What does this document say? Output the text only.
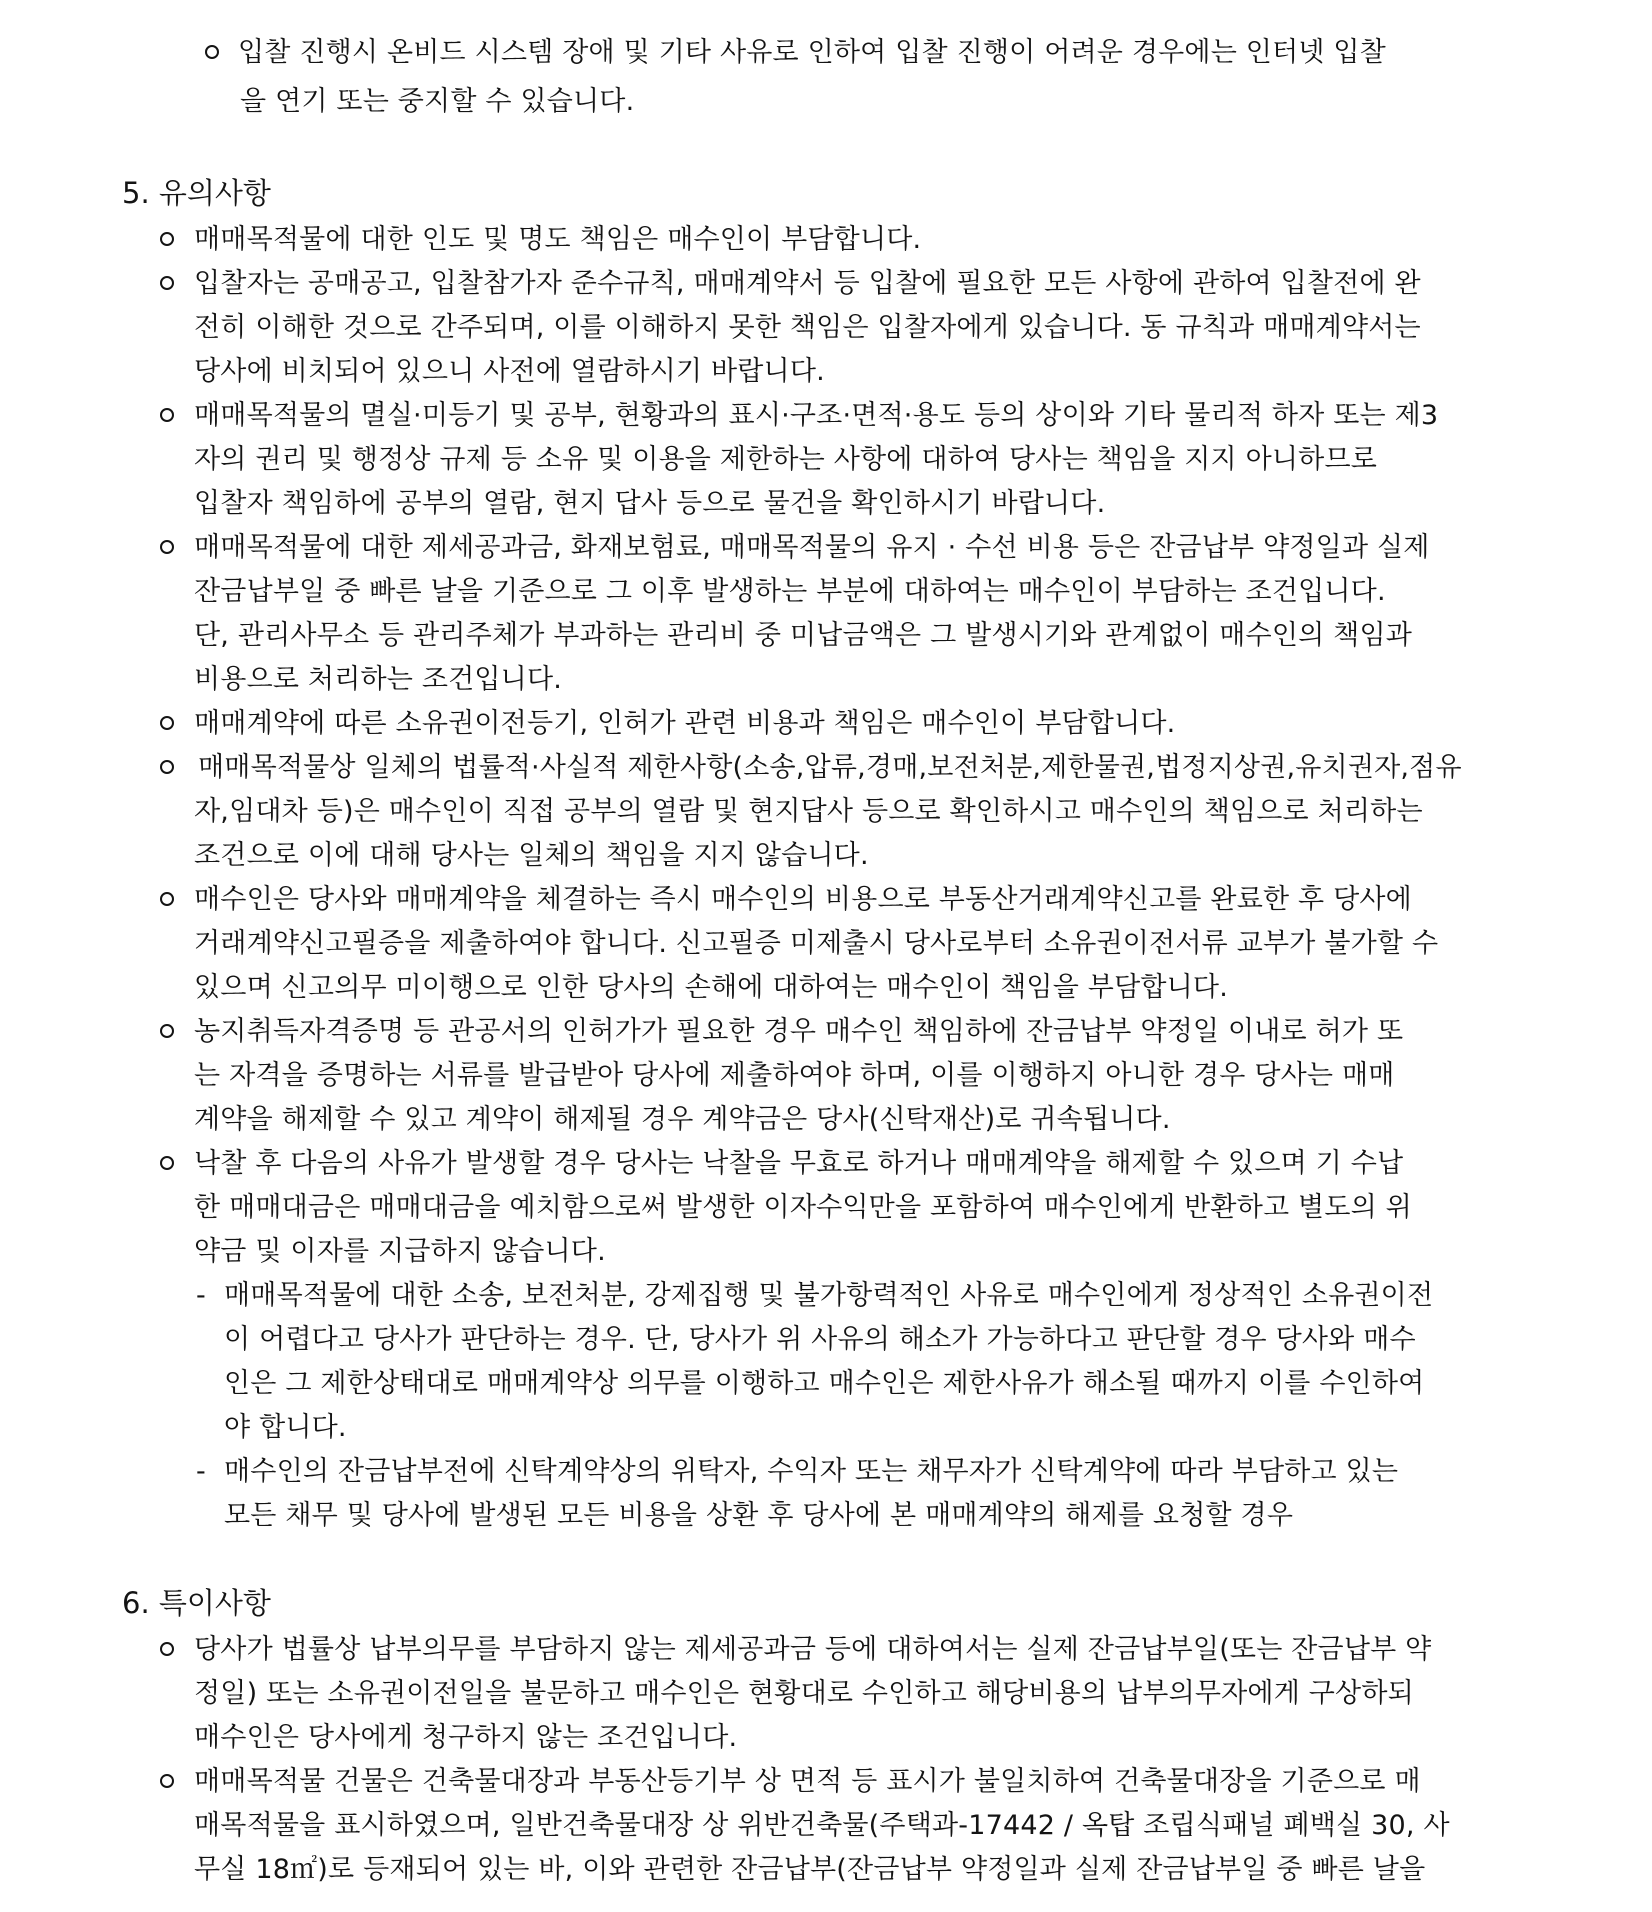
입찰 진행시 온비드 시스템 장애 및 기타 사유로 인하여 입찰 진행이 어려운 경우에는 인터넷 입찰
을 연기 또는 중지할 수 있습니다.
5. 유의사항
매매목적물에 대한 인도 및 명도 책임은 매수인이 부담합니다.
입찰자는 공매공고, 입찰참가자 준수규칙, 매매계약서 등 입찰에 필요한 모든 사항에 관하여 입찰전에 완
전히 이해한 것으로 간주되며, 이를 이해하지 못한 책임은 입찰자에게 있습니다. 동 규칙과 매매계약서는
당사에 비치되어 있으니 사전에 열람하시기 바랍니다.
매매목적물의 멸실·미등기 및 공부, 현황과의 표시·구조·면적·용도 등의 상이와 기타 물리적 하자 또는 제3
자의 권리 및 행정상 규제 등 소유 및 이용을 제한하는 사항에 대하여 당사는 책임을 지지 아니하므로
입찰자 책임하에 공부의 열람, 현지 답사 등으로 물건을 확인하시기 바랍니다.
매매목적물에 대한 제세공과금, 화재보험료, 매매목적물의 유지 · 수선 비용 등은 잔금납부 약정일과 실제
잔금납부일 중 빠른 날을 기준으로 그 이후 발생하는 부분에 대하여는 매수인이 부담하는 조건입니다.
단, 관리사무소 등 관리주체가 부과하는 관리비 중 미납금액은 그 발생시기와 관계없이 매수인의 책임과
비용으로 처리하는 조건입니다.
매매계약에 따른 소유권이전등기, 인허가 관련 비용과 책임은 매수인이 부담합니다.
매매목적물상 일체의 법률적·사실적 제한사항(소송,압류,경매,보전처분,제한물권,법정지상권,유치권자,점유
자,임대차 등)은 매수인이 직접 공부의 열람 및 현지답사 등으로 확인하시고 매수인의 책임으로 처리하는
조건으로 이에 대해 당사는 일체의 책임을 지지 않습니다.
매수인은 당사와 매매계약을 체결하는 즉시 매수인의 비용으로 부동산거래계약신고를 완료한 후 당사에
거래계약신고필증을 제출하여야 합니다. 신고필증 미제출시 당사로부터 소유권이전서류 교부가 불가할 수
있으며 신고의무 미이행으로 인한 당사의 손해에 대하여는 매수인이 책임을 부담합니다.
농지취득자격증명 등 관공서의 인허가가 필요한 경우 매수인 책임하에 잔금납부 약정일 이내로 허가 또
는 자격을 증명하는 서류를 발급받아 당사에 제출하여야 하며, 이를 이행하지 아니한 경우 당사는 매매
계약을 해제할 수 있고 계약이 해제될 경우 계약금은 당사(신탁재산)로 귀속됩니다.
낙찰 후 다음의 사유가 발생할 경우 당사는 낙찰을 무효로 하거나 매매계약을 해제할 수 있으며 기 수납
한 매매대금은 매매대금을 예치함으로써 발생한 이자수익만을 포함하여 매수인에게 반환하고 별도의 위
약금 및 이자를 지급하지 않습니다.
- 매매목적물에 대한 소송, 보전처분, 강제집행 및 불가항력적인 사유로 매수인에게 정상적인 소유권이전
이 어렵다고 당사가 판단하는 경우. 단, 당사가 위 사유의 해소가 가능하다고 판단할 경우 당사와 매수
인은 그 제한상태대로 매매계약상 의무를 이행하고 매수인은 제한사유가 해소될 때까지 이를 수인하여
야 합니다.
- 매수인의 잔금납부전에 신탁계약상의 위탁자, 수익자 또는 채무자가 신탁계약에 따라 부담하고 있는
모든 채무 및 당사에 발생된 모든 비용을 상환 후 당사에 본 매매계약의 해제를 요청할 경우
6. 특이사항
당사가 법률상 납부의무를 부담하지 않는 제세공과금 등에 대하여서는 실제 잔금납부일(또는 잔금납부 약
정일) 또는 소유권이전일을 불문하고 매수인은 현황대로 수인하고 해당비용의 납부의무자에게 구상하되
매수인은 당사에게 청구하지 않는 조건입니다.
매매목적물 건물은 건축물대장과 부동산등기부 상 면적 등 표시가 불일치하여 건축물대장을 기준으로 매
매목적물을 표시하였으며, 일반건축물대장 상 위반건축물(주택과-17442 / 옥탑 조립식패널 폐백실 30, 사
무실 18㎡)로 등재되어 있는 바, 이와 관련한 잔금납부(잔금납부 약정일과 실제 잔금납부일 중 빠른 날을
